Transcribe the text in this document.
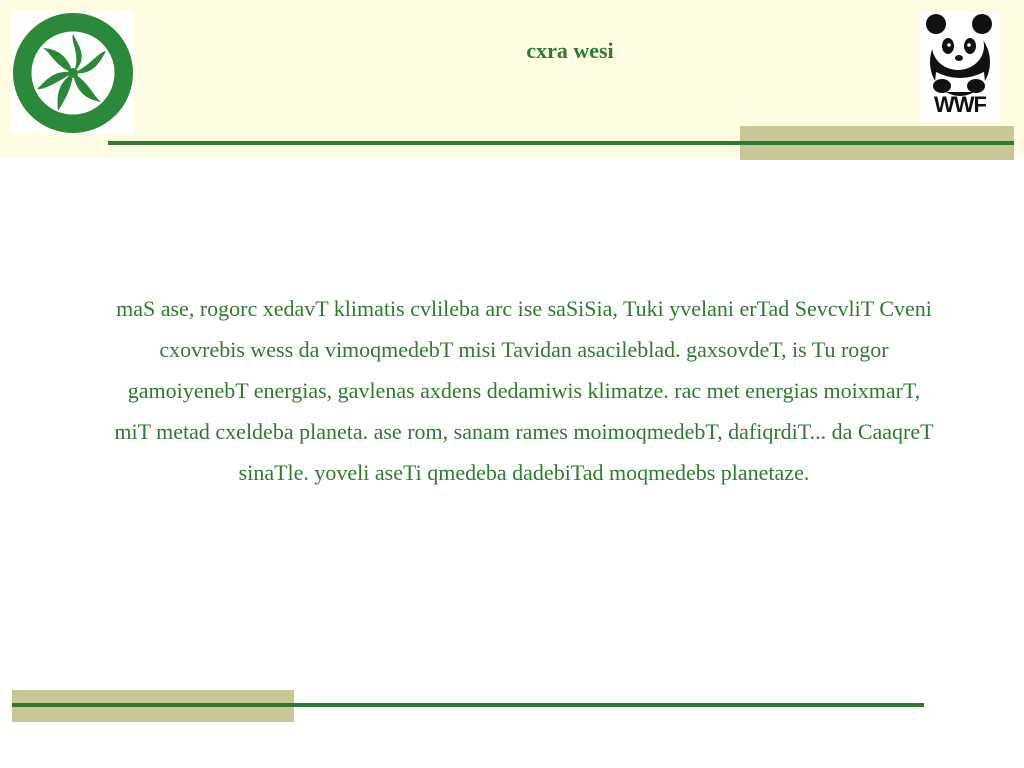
WWF
cxra wesi
maS ase, rogorc xedavT klimatis cvlileba arc ise saSiSia, Tuki yvelani erTad SevcvliT Cveni cxovrebis wess da vimoqmedebT misi Tavidan asacileblad. gaxsovdeT, is Tu rogor gamoiyenebT energias, gavlenas axdens dedamiwis klimatze. rac met energias moixmarT, miT metad cxeldeba planeta. ase rom, sanam rames moimoqmedebT, dafiqrdiT... da CaaqreT sinaTle. yoveli aseTi qmedeba dadebiTad moqmedebs planetaze.
